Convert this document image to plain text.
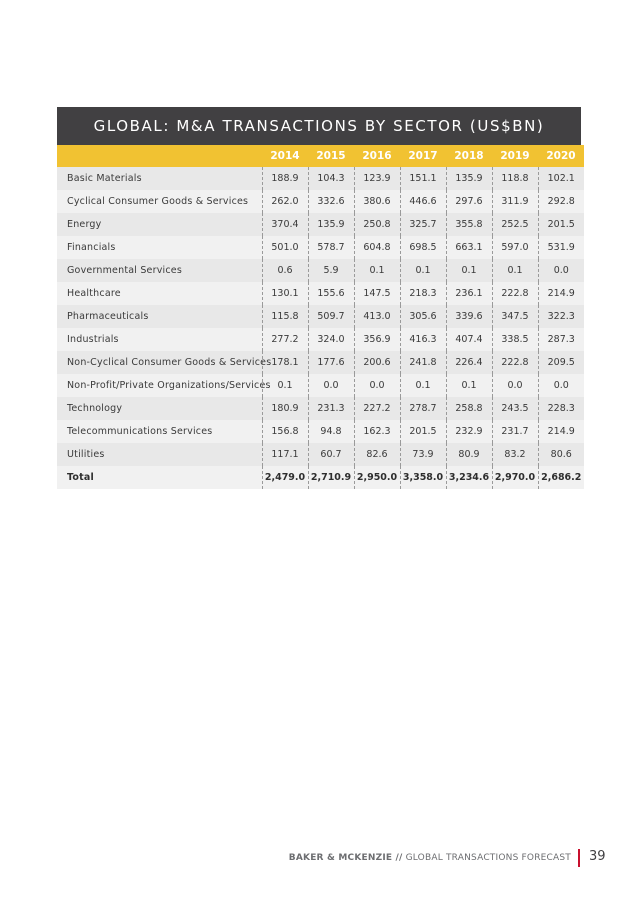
GLOBAL: M&A TRANSACTIONS BY SECTOR (US$BN)
	2014	2015	2016	2017	2018	2019	2020
Basic Materials	188.9	104.3	123.9	151.1	135.9	118.8	102.1
Cyclical Consumer Goods & Services	262.0	332.6	380.6	446.6	297.6	311.9	292.8
Energy	370.4	135.9	250.8	325.7	355.8	252.5	201.5
Financials	501.0	578.7	604.8	698.5	663.1	597.0	531.9
Governmental Services	0.6	5.9	0.1	0.1	0.1	0.1	0.0
Healthcare	130.1	155.6	147.5	218.3	236.1	222.8	214.9
Pharmaceuticals	115.8	509.7	413.0	305.6	339.6	347.5	322.3
Industrials	277.2	324.0	356.9	416.3	407.4	338.5	287.3
Non-Cyclical Consumer Goods & Services	178.1	177.6	200.6	241.8	226.4	222.8	209.5
Non-Profit/Private Organizations/Services	0.1	0.0	0.0	0.1	0.1	0.0	0.0
Technology	180.9	231.3	227.2	278.7	258.8	243.5	228.3
Telecommunications Services	156.8	94.8	162.3	201.5	232.9	231.7	214.9
Utilities	117.1	60.7	82.6	73.9	80.9	83.2	80.6
Total	2,479.0	2,710.9	2,950.0	3,358.0	3,234.6	2,970.0	2,686.2
BAKER & MCKENZIE // GLOBAL TRANSACTIONS FORECAST 39
